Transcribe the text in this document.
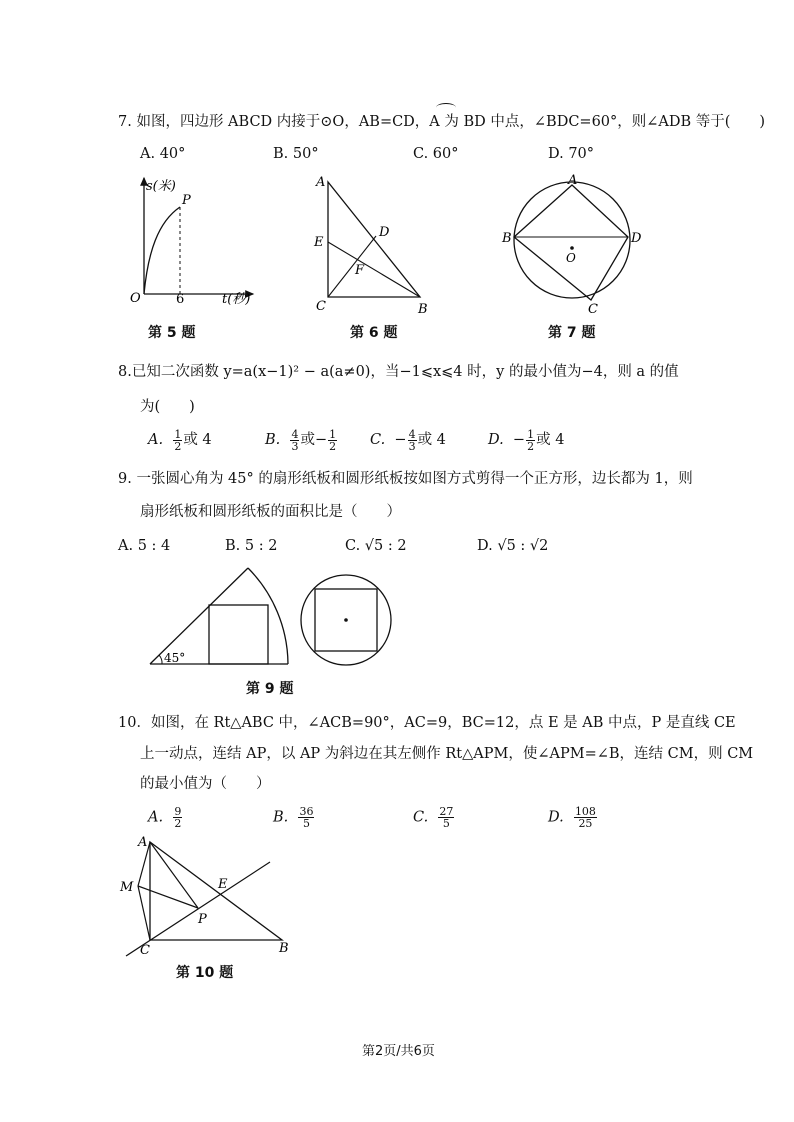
7. 如图，四边形 ABCD 内接于⊙O，AB=CD，A 为 BD 中点，∠BDC=60°，则∠ADB 等于(　　)
A. 40°	B. 50°	C. 60°	D. 70°
s(米)
P
O	6	t(秒)
第 5 题
A
E
D
F
C	B
第 6 题
A
B	D
O
C
第 7 题
8.已知二次函数 y=a(x−1)² − a(a≠0)，当−1⩽x⩽4 时，y 的最小值为−4，则 a 的值
为(　　)
A. $\frac{1}{2}$ 或 4	B. $\frac{4}{3}$ 或− $\frac{1}{2} C$.  − $\frac{4}{3}$ 或 4	D.  − $\frac{1}{2}$ 或 4
9. 一张圆心角为 45° 的扇形纸板和圆形纸板按如图方式剪得一个正方形，边长都为 1，则
扇形纸板和圆形纸板的面积比是（　　）
A. 5 : 4	B. 5 : 2	C. √5 : 2	D. √5 : √2
45°
第 9 题
10．如图，在 Rt△ABC 中，∠ACB=90°，AC=9，BC=12，点 E 是 AB 中点，P 是直线 CE
上一动点，连结 AP，以 AP 为斜边在其左侧作 Rt△APM，使∠APM=∠B，连结 CM，则 CM
的最小值为（　　）
A. $\frac{9}{2}$	B. $\frac{36}{5}$	C. $\frac{27}{5}$	D. $\frac{108}{25}$
A
M	E
P
C	B
第 10 题
第2页/共6页
